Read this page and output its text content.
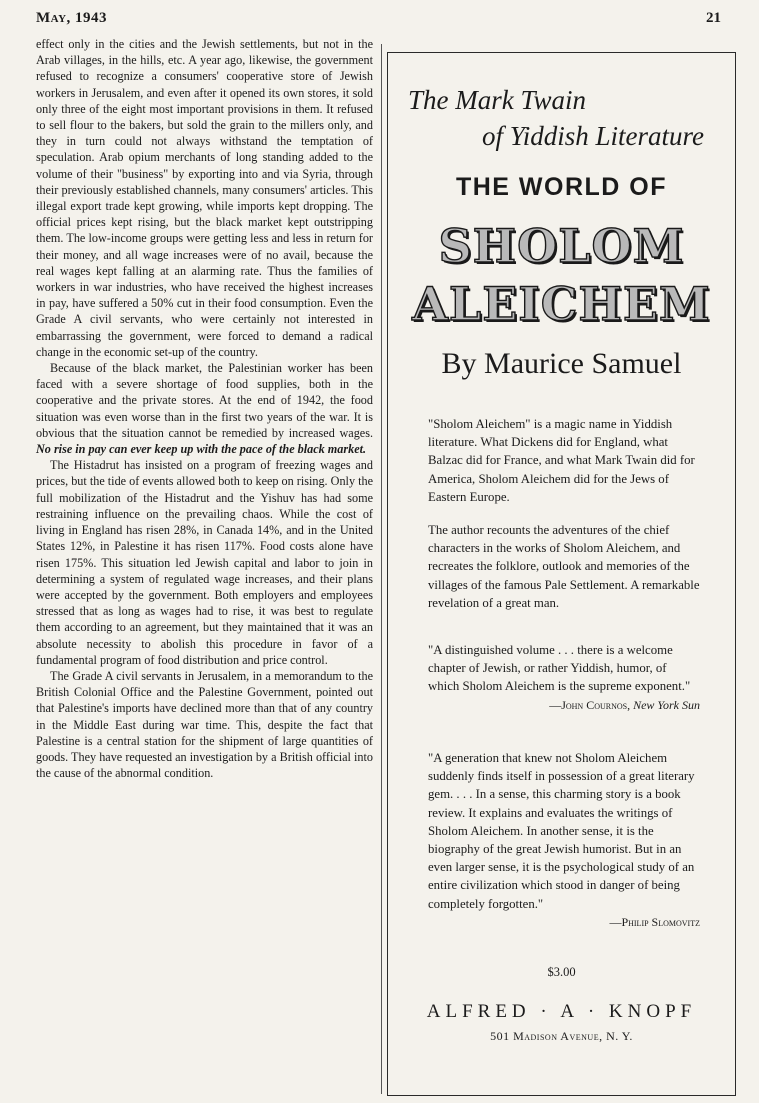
May, 1943	21

effect only in the cities and the Jewish settlements, but not in the Arab villages, in the hills, etc. A year ago, likewise, the government refused to recognize a consumers' cooperative store of Jewish workers in Jerusalem, and even after it opened its own stores, it sold only three of the eight most important provisions in them. It refused to sell flour to the bakers, but sold the grain to the millers only, and they in turn could not always withstand the temptation of speculation. Arab opium merchants of long standing added to the volume of their "business" by exporting into and via Syria, through their previously established channels, many consumers' articles. This illegal export trade kept growing, while imports kept dropping. The official prices kept rising, but the black market kept outstripping them. The low-income groups were getting less and less in return for their money, and all wage increases were of no avail, because the real wages kept falling at an alarming rate. Thus the families of workers in war industries, who have received the highest increases in pay, have suffered a 50% cut in their food consumption. Even the Grade A civil servants, who were certainly not interested in embarrassing the government, were forced to demand a radical change in the economic set-up of the country.

Because of the black market, the Palestinian worker has been faced with a severe shortage of food supplies, both in the cooperative and the private stores. At the end of 1942, the food situation was even worse than in the first two years of the war. It is obvious that the situation cannot be remedied by increased wages. No rise in pay can ever keep up with the pace of the black market.

The Histadrut has insisted on a program of freezing wages and prices, but the tide of events allowed both to keep on rising. Only the full mobilization of the Histadrut and the Yishuv has had some restraining influence on the prevailing chaos. While the cost of living in England has risen 28%, in Canada 14%, and in the United States 12%, in Palestine it has risen 117%. Food costs alone have risen 175%. This situation led Jewish capital and labor to join in determining a system of regulated wage increases, and their plans were accepted by the government. Both employers and employees stressed that as long as wages had to rise, it was best to regulate them according to an agreement, but they maintained that it was an absolute necessity to abolish this procedure in favor of a fundamental program of food distribution and price control.

The Grade A civil servants in Jerusalem, in a memorandum to the British Colonial Office and the Palestine Government, pointed out that Palestine's imports have declined more than that of any country in the Middle East during war time. This, despite the fact that Palestine is a central station for the shipment of large quantities of goods. They have requested an investigation by a British official into the cause of the abnormal condition.

The Mark Twain
of Yiddish Literature
THE WORLD OF
SHOLOM
ALEICHEM
By Maurice Samuel
"Sholom Aleichem" is a magic name in Yiddish literature. What Dickens did for England, what Balzac did for France, and what Mark Twain did for America, Sholom Aleichem did for the Jews of Eastern Europe.
The author recounts the adventures of the chief characters in the works of Sholom Aleichem, and recreates the folklore, outlook and memories of the villages of the famous Pale Settlement. A remarkable revelation of a great man.
"A distinguished volume . . . there is a welcome chapter of Jewish, or rather Yiddish, humor, of which Sholom Aleichem is the supreme exponent."
—John Cournos, New York Sun
"A generation that knew not Sholom Aleichem suddenly finds itself in possession of a great literary gem. . . . In a sense, this charming story is a book review. It explains and evaluates the writings of Sholom Aleichem. In another sense, it is the biography of the great Jewish humorist. But in an even larger sense, it is the psychological study of an entire civilization which stood in danger of being completely forgotten."
—Philip Slomovitz
$3.00
ALFRED · A · KNOPF
501 Madison Avenue, N. Y.
